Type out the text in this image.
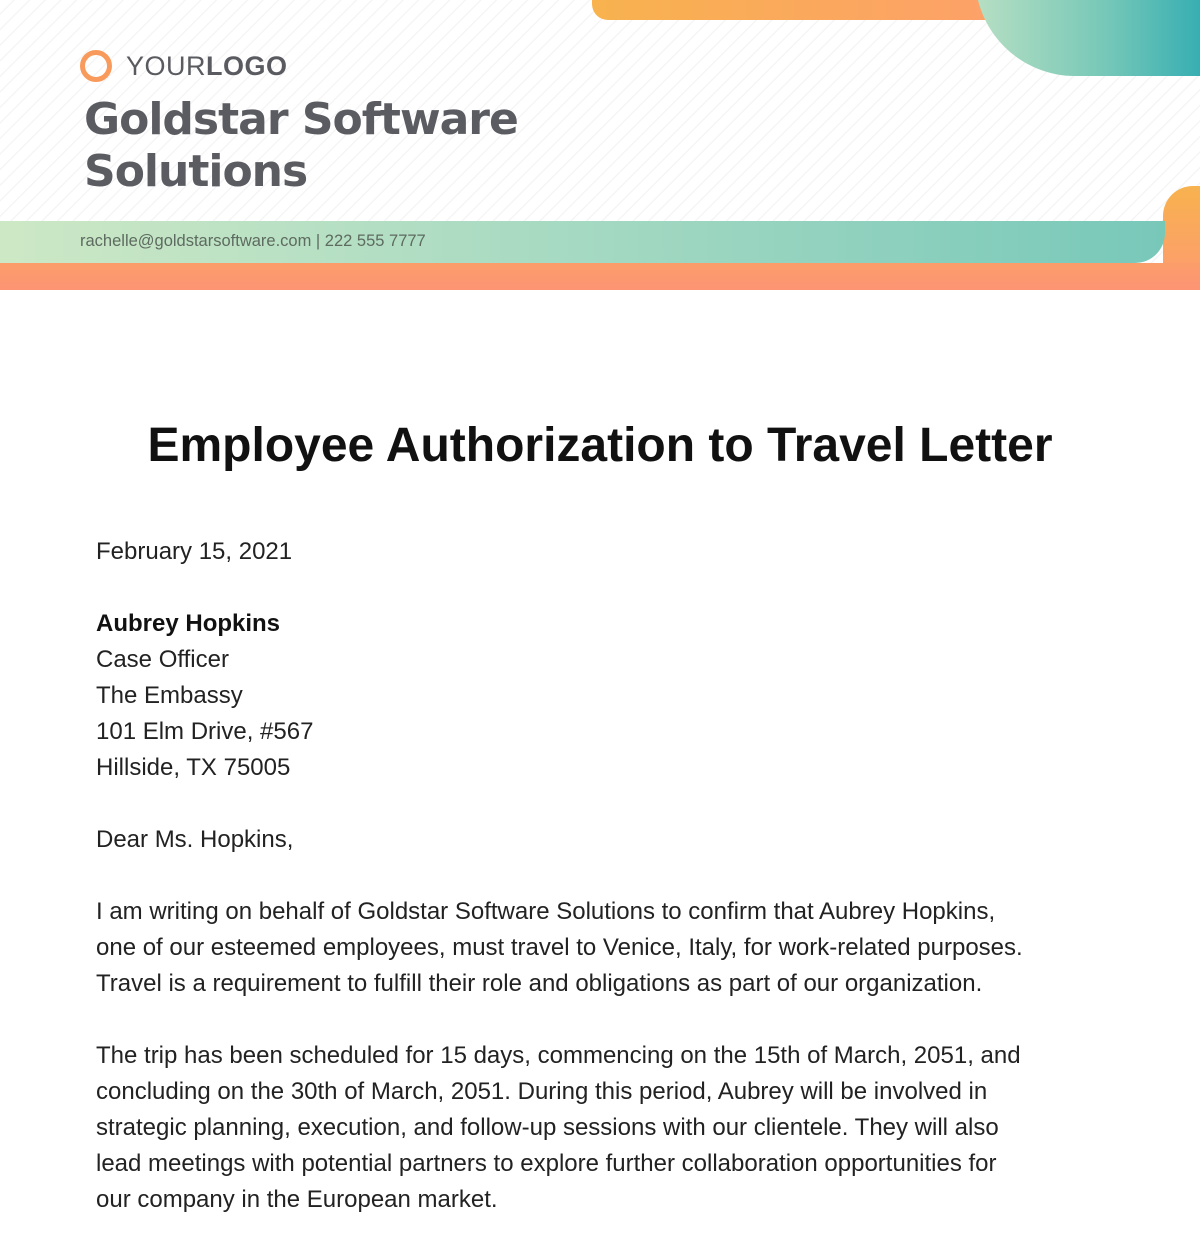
YOURLOGO
Goldstar Software
Solutions
rachelle@goldstarsoftware.com | 222 555 7777
Employee Authorization to Travel Letter

February 15, 2021

Aubrey Hopkins
Case Officer
The Embassy
101 Elm Drive, #567
Hillside, TX 75005

Dear Ms. Hopkins,

I am writing on behalf of Goldstar Software Solutions to confirm that Aubrey Hopkins,
one of our esteemed employees, must travel to Venice, Italy, for work-related purposes.
Travel is a requirement to fulfill their role and obligations as part of our organization.

The trip has been scheduled for 15 days, commencing on the 15th of March, 2051, and
concluding on the 30th of March, 2051. During this period, Aubrey will be involved in
strategic planning, execution, and follow-up sessions with our clientele. They will also
lead meetings with potential partners to explore further collaboration opportunities for
our company in the European market.
